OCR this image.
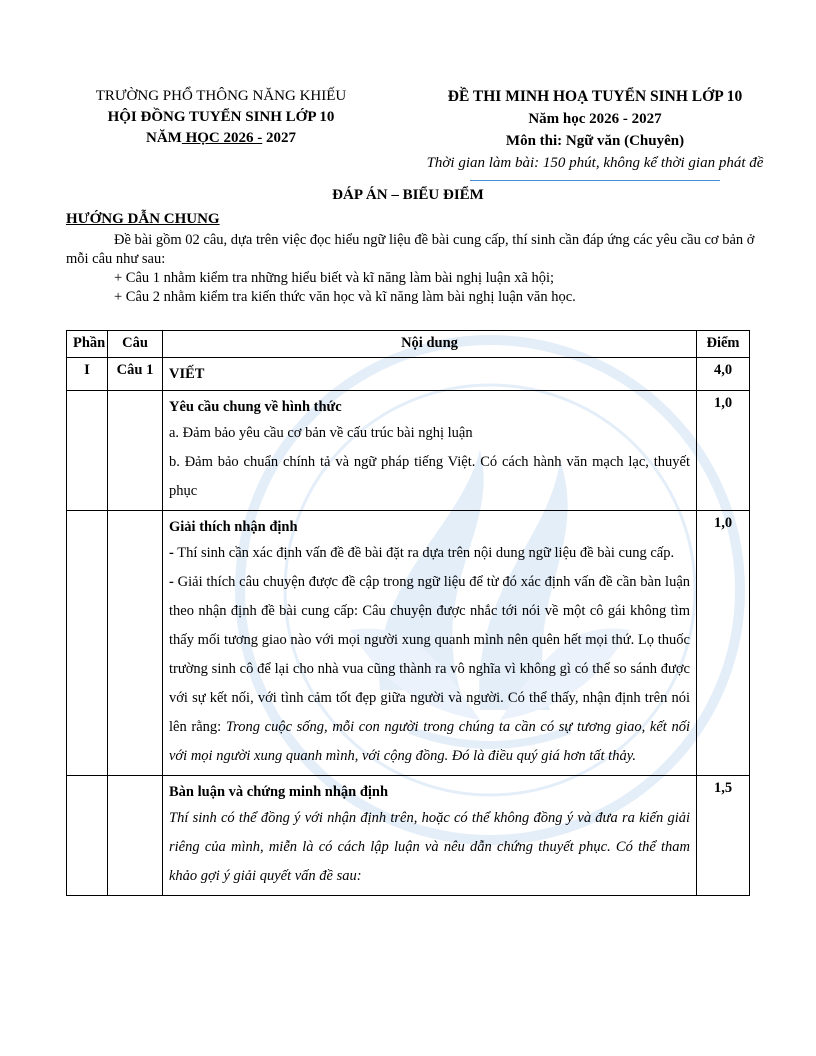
TRƯỜNG PHỔ THÔNG NĂNG KHIẾU
HỘI ĐỒNG TUYỂN SINH LỚP 10
NĂM HỌC 2026 - 2027
ĐỀ THI MINH HOẠ TUYỂN SINH LỚP 10
Năm học 2026 - 2027
Môn thi: Ngữ văn (Chuyên)
Thời gian làm bài: 150 phút, không kể thời gian phát đề
ĐÁP ÁN – BIỂU ĐIỂM
HƯỚNG DẪN CHUNG

Đề bài gồm 02 câu, dựa trên việc đọc hiểu ngữ liệu đề bài cung cấp, thí sinh cần đáp ứng các yêu cầu cơ bản ở mỗi câu như sau:

+ Câu 1 nhằm kiểm tra những hiểu biết và kĩ năng làm bài nghị luận xã hội;

+ Câu 2 nhằm kiểm tra kiến thức văn học và kĩ năng làm bài nghị luận văn học.

Phần	Câu	Nội dung	Điểm
I	Câu 1	VIẾT	4,0

		Yêu cầu chung về hình thức

a. Đảm bảo yêu cầu cơ bản về cấu trúc bài nghị luận

b. Đảm bảo chuẩn chính tả và ngữ pháp tiếng Việt. Có cách hành văn mạch lạc, thuyết phục	1,0

		Giải thích nhận định

- Thí sinh cần xác định vấn đề đề bài đặt ra dựa trên nội dung ngữ liệu đề bài cung cấp.

- Giải thích câu chuyện được đề cập trong ngữ liệu để từ đó xác định vấn đề cần bàn luận theo nhận định đề bài cung cấp: Câu chuyện được nhắc tới nói về một cô gái không tìm thấy mối tương giao nào với mọi người xung quanh mình nên quên hết mọi thứ. Lọ thuốc trường sinh cô để lại cho nhà vua cũng thành ra vô nghĩa vì không gì có thể so sánh được với sự kết nối, với tình cảm tốt đẹp giữa người và người. Có thể thấy, nhận định trên nói lên rằng: Trong cuộc sống, mỗi con người trong chúng ta cần có sự tương giao, kết nối với mọi người xung quanh mình, với cộng đồng. Đó là điều quý giá hơn tất thảy.	1,0

		Bàn luận và chứng minh nhận định

Thí sinh có thể đồng ý với nhận định trên, hoặc có thể không đồng ý và đưa ra kiến giải riêng của mình, miễn là có cách lập luận và nêu dẫn chứng thuyết phục. Có thể tham khảo gợi ý giải quyết vấn đề sau:	1,5
